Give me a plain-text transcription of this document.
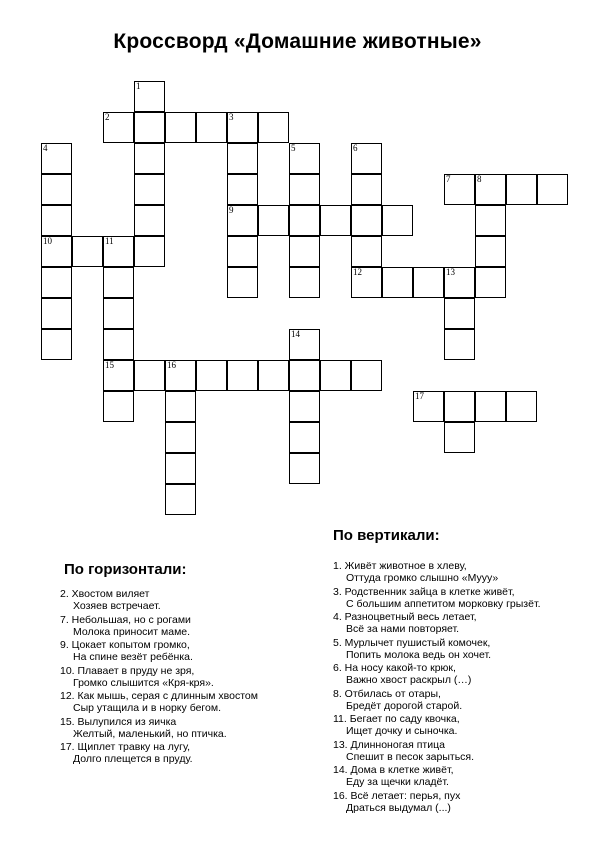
Кроссворд «Домашние животные»
1
2	3
4	5	6
7	8
9
10	11
12	13
14
15	16
17
По горизонтали:
2. Хвостом виляет
Хозяев встречает.
7. Небольшая, но с рогами
Молока приносит маме.
9. Цокает копытом громко,
На спине везёт ребёнка.
10. Плавает в пруду не зря,
Громко слышится «Кря-кря».
12. Как мышь, серая с длинным хвостом
Сыр утащила и в норку бегом.
15. Вылупился из яичка
Желтый, маленький, но птичка.
17. Щиплет травку на лугу,
Долго плещется в пруду.
По вертикали:
1. Живёт животное в хлеву,
Оттуда громко слышно «Мууу»
3. Родственник зайца в клетке живёт,
С большим аппетитом морковку грызёт.
4. Разноцветный весь летает,
Всё за нами повторяет.
5. Мурлычет пушистый комочек,
Попить молока ведь он хочет.
6. На носу какой-то крюк,
Важно хвост раскрыл (…)
8. Отбилась от отары,
Бредёт дорогой старой.
11. Бегает по саду квочка,
Ищет дочку и сыночка.
13. Длинноногая птица
Спешит в песок зарыться.
14. Дома в клетке живёт,
Еду за щечки кладёт.
16. Всё летает: перья, пух
Драться выдумал (...)
